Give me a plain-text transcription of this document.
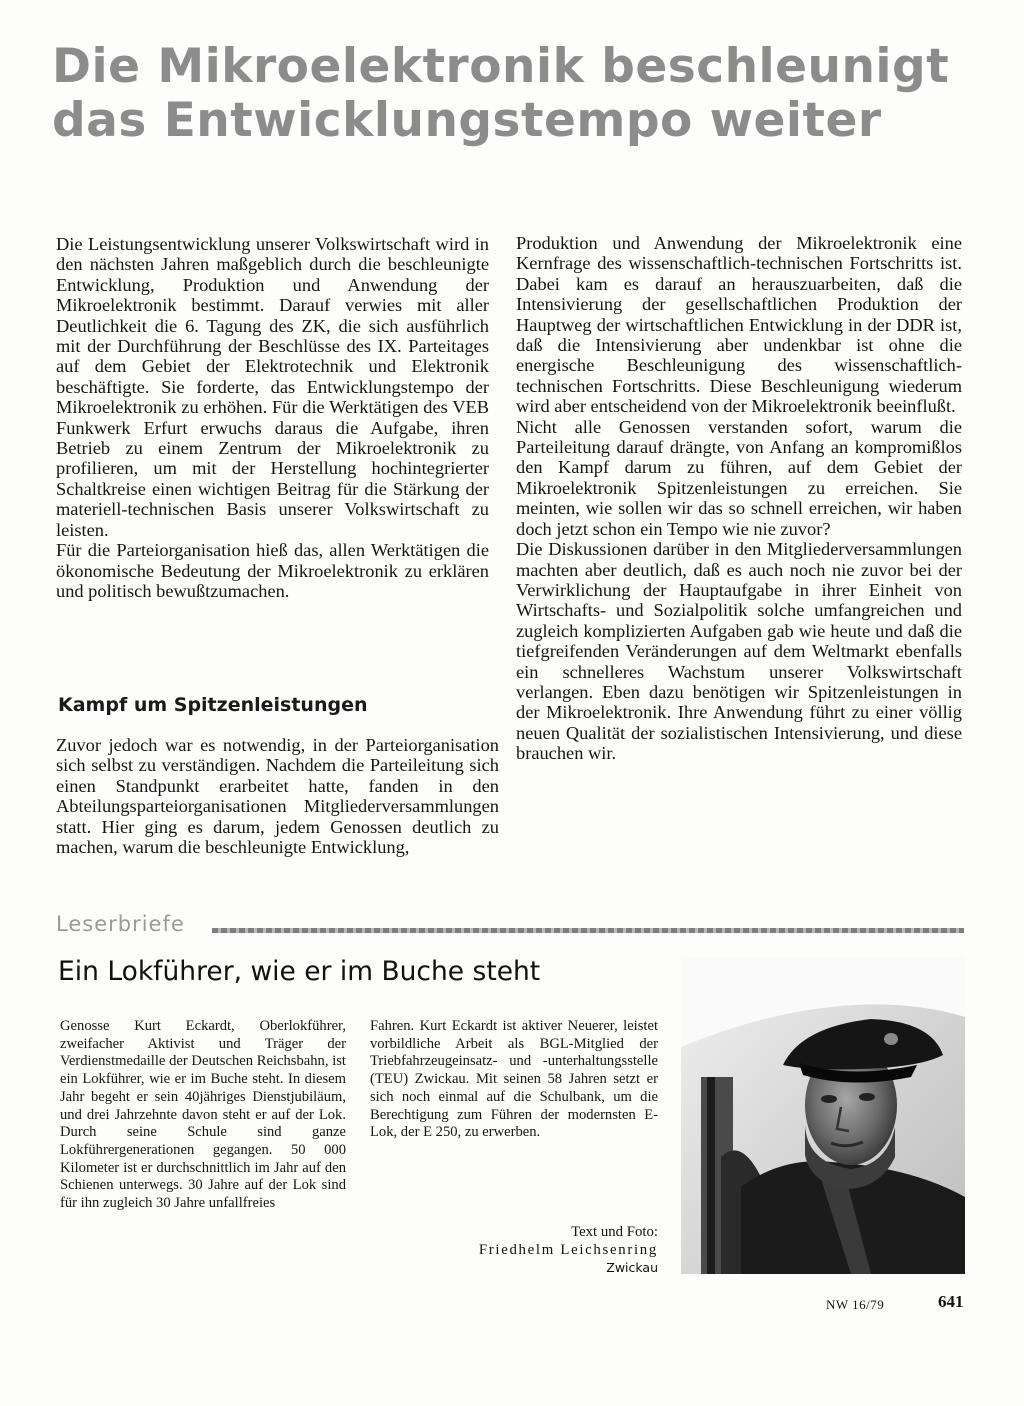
Die Mikroelektronik beschleunigt
das Entwicklungstempo weiter

Die Leistungsentwicklung unserer Volkswirtschaft wird in den nächsten Jahren maßgeblich durch die beschleunigte Entwicklung, Produktion und Anwendung der Mikroelektronik bestimmt. Darauf verwies mit aller Deutlichkeit die 6. Tagung des ZK, die sich ausführlich mit der Durchführung der Beschlüsse des IX. Parteitages auf dem Gebiet der Elektrotechnik und Elektronik beschäftigte. Sie forderte, das Entwicklungstempo der Mikroelektronik zu erhöhen. Für die Werktätigen des VEB Funkwerk Erfurt erwuchs daraus die Aufgabe, ihren Betrieb zu einem Zentrum der Mikroelektronik zu profilieren, um mit der Herstellung hochintegrierter Schaltkreise einen wichtigen Beitrag für die Stärkung der materiell-technischen Basis unserer Volkswirtschaft zu leisten.

Für die Parteiorganisation hieß das, allen Werktätigen die ökonomische Bedeutung der Mikroelektronik zu erklären und politisch bewußtzumachen.

Kampf um Spitzenleistungen

Zuvor jedoch war es notwendig, in der Parteiorganisation sich selbst zu verständigen. Nachdem die Parteileitung sich einen Standpunkt erarbeitet hatte, fanden in den Abteilungsparteiorganisationen Mitgliederversammlungen statt. Hier ging es darum, jedem Genossen deutlich zu machen, warum die beschleunigte Entwicklung,

Produktion und Anwendung der Mikroelektronik eine Kernfrage des wissenschaftlich-technischen Fortschritts ist. Dabei kam es darauf an herauszuarbeiten, daß die Intensivierung der gesellschaftlichen Produktion der Hauptweg der wirtschaftlichen Entwicklung in der DDR ist, daß die Intensivierung aber undenkbar ist ohne die energische Beschleunigung des wissenschaftlich-technischen Fortschritts. Diese Beschleunigung wiederum wird aber entscheidend von der Mikroelektronik beeinflußt.

Nicht alle Genossen verstanden sofort, warum die Parteileitung darauf drängte, von Anfang an kompromißlos den Kampf darum zu führen, auf dem Gebiet der Mikroelektronik Spitzenleistungen zu erreichen. Sie meinten, wie sollen wir das so schnell erreichen, wir haben doch jetzt schon ein Tempo wie nie zuvor?

Die Diskussionen darüber in den Mitgliederversammlungen machten aber deutlich, daß es auch noch nie zuvor bei der Verwirklichung der Hauptaufgabe in ihrer Einheit von Wirtschafts- und Sozialpolitik solche umfangreichen und zugleich komplizierten Aufgaben gab wie heute und daß die tiefgreifenden Veränderungen auf dem Weltmarkt ebenfalls ein schnelleres Wachstum unserer Volkswirtschaft verlangen. Eben dazu benötigen wir Spitzenleistungen in der Mikroelektronik. Ihre Anwendung führt zu einer völlig neuen Qualität der sozialistischen Intensivierung, und diese brauchen wir.

Leserbriefe
Ein Lokführer, wie er im Buche steht
Genosse Kurt Eckardt, Oberlokführer, zweifacher Aktivist und Träger der Verdienstmedaille der Deutschen Reichsbahn, ist ein Lokführer, wie er im Buche steht. In diesem Jahr begeht er sein 40jähriges Dienstjubiläum, und drei Jahrzehnte davon steht er auf der Lok. Durch seine Schule sind ganze Lokführergenerationen gegangen. 50 000 Kilometer ist er durchschnittlich im Jahr auf den Schienen unterwegs. 30 Jahre auf der Lok sind für ihn zugleich 30 Jahre unfallfreies
Fahren. Kurt Eckardt ist aktiver Neuerer, leistet vorbildliche Arbeit als BGL-Mitglied der Triebfahrzeugeinsatz- und -unterhaltungsstelle (TEU) Zwickau. Mit seinen 58 Jahren setzt er sich noch einmal auf die Schulbank, um die Berechtigung zum Führen der modernsten E-Lok, der E 250, zu erwerben.
Text und Foto:
Friedhelm Leichsenring
Zwickau
NW 16/79	641
